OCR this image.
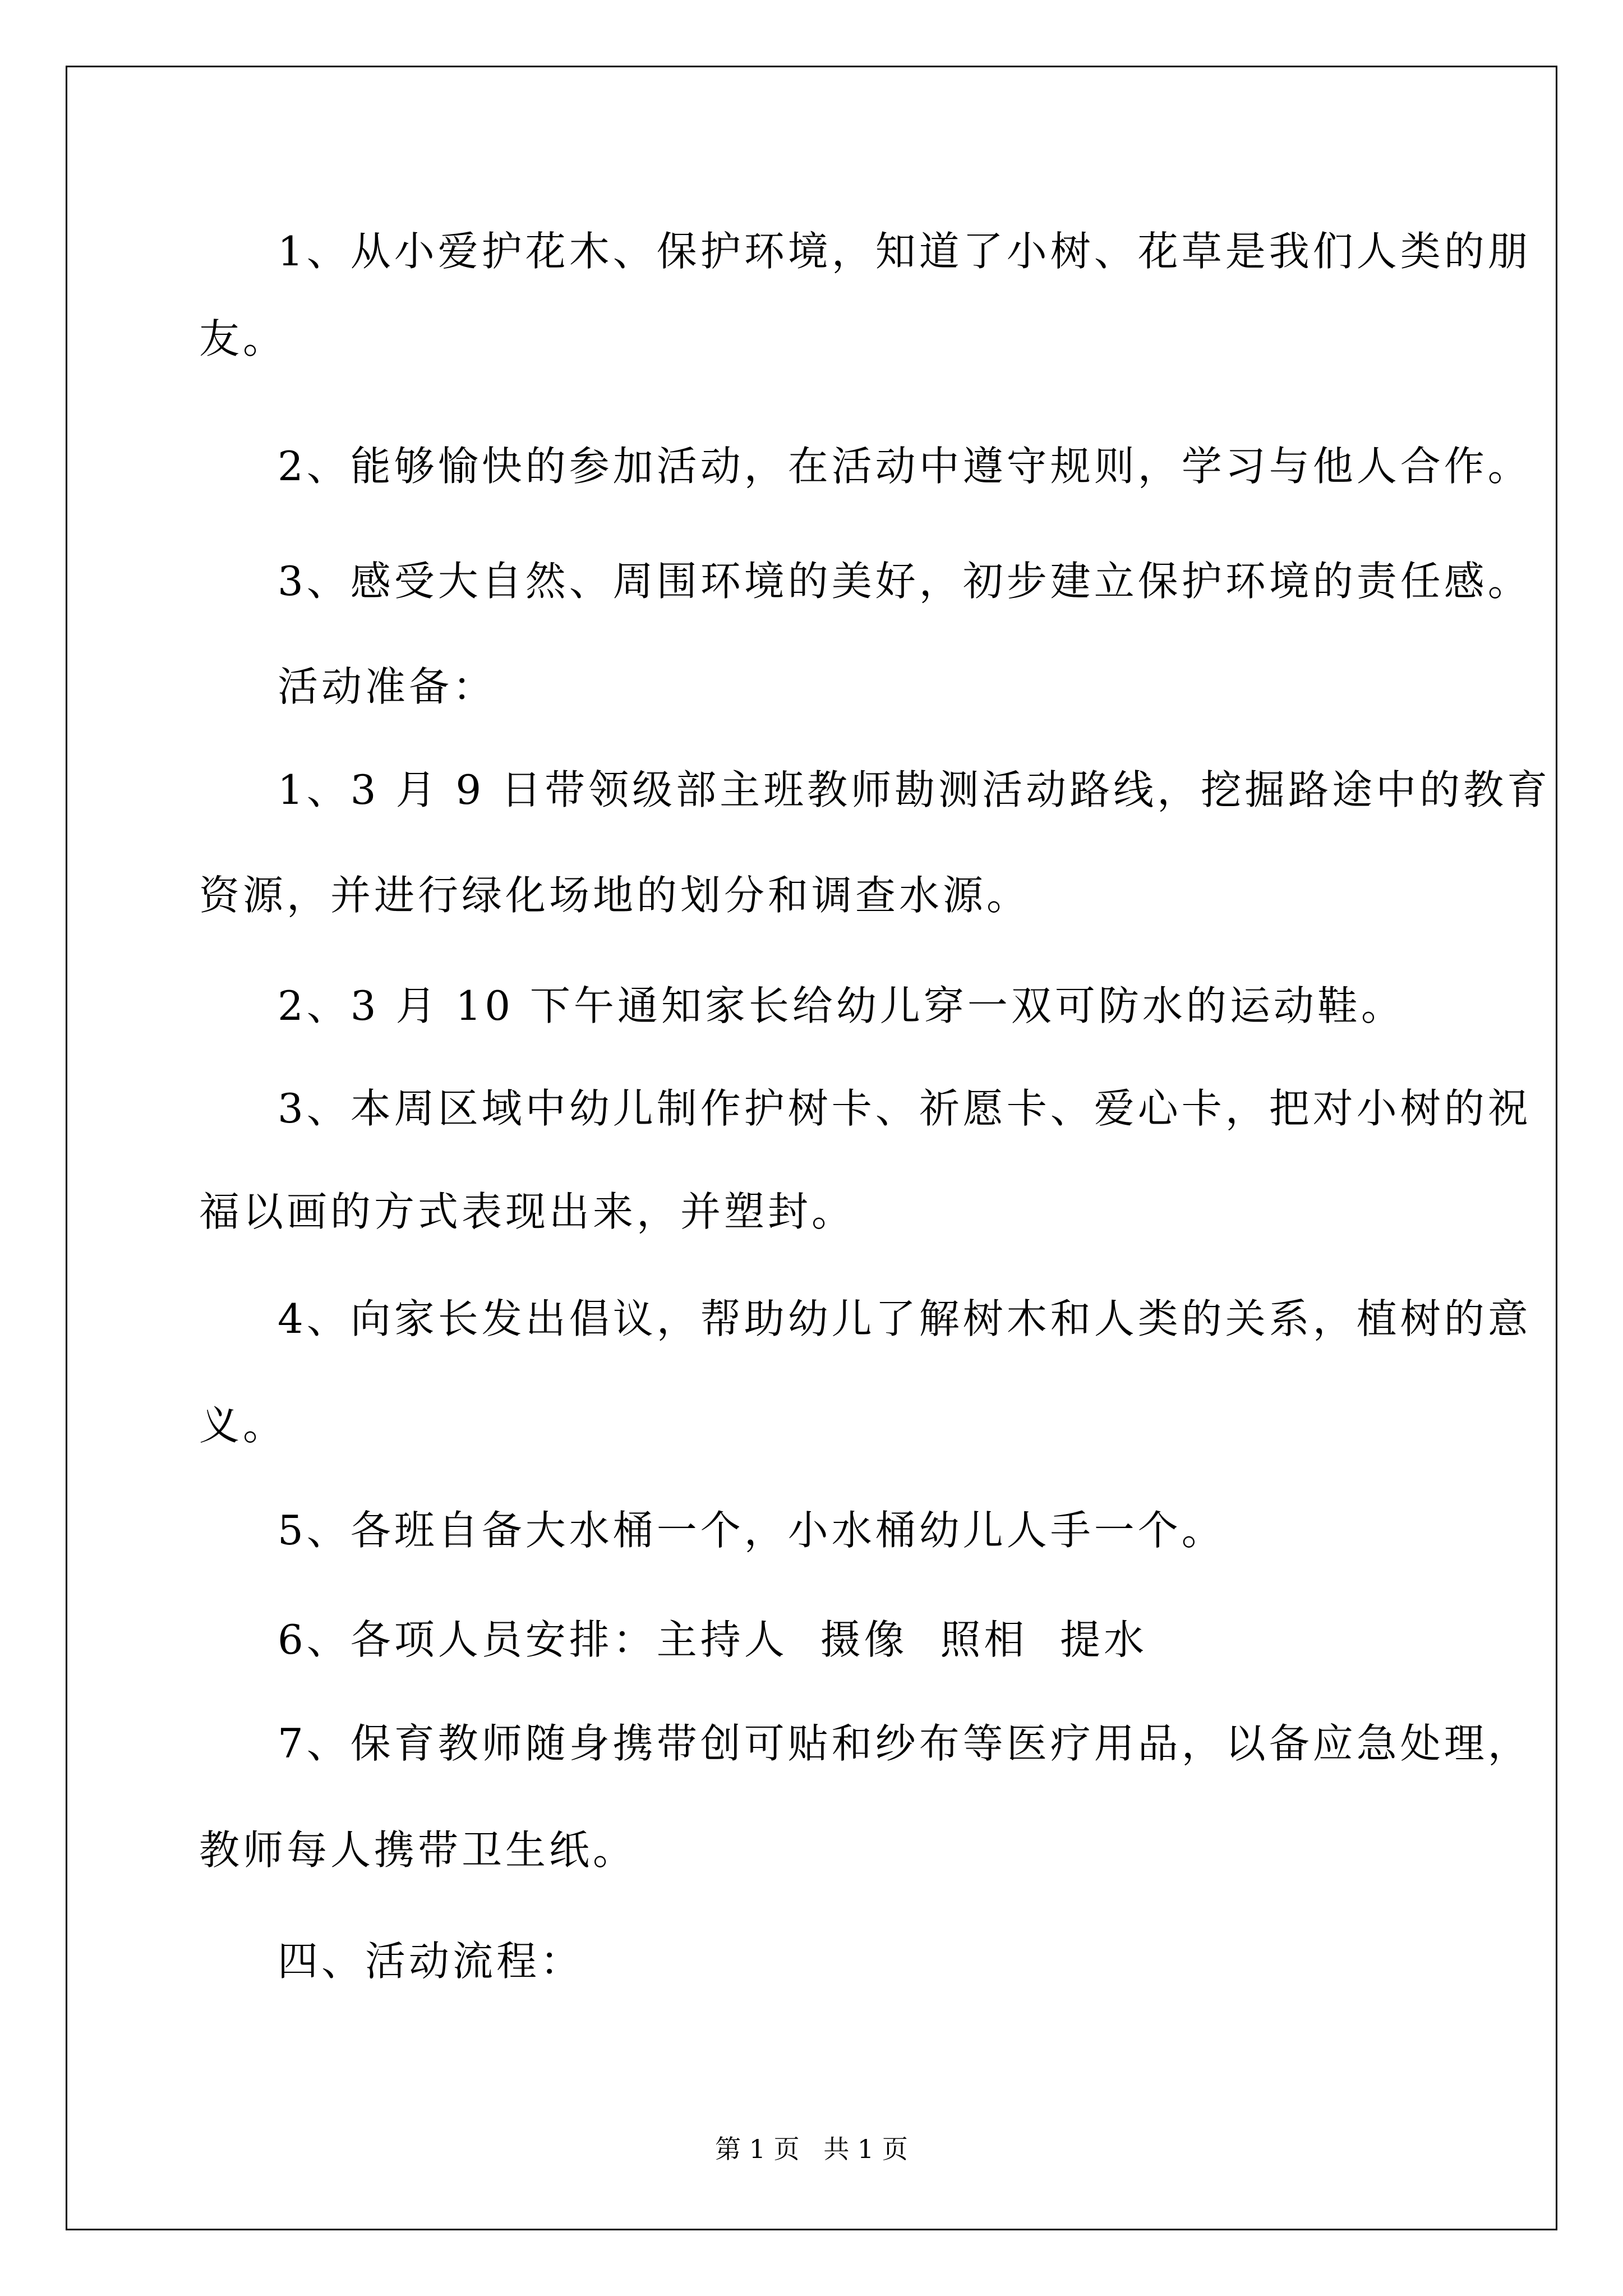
1、从小爱护花木、保护环境，知道了小树、花草是我们人类的朋
友。
2、能够愉快的参加活动，在活动中遵守规则，学习与他人合作。
3、感受大自然、周围环境的美好，初步建立保护环境的责任感。
活动准备：
1、3 月 9 日带领级部主班教师勘测活动路线，挖掘路途中的教育
资源，并进行绿化场地的划分和调查水源。
2、3 月 10 下午通知家长给幼儿穿一双可防水的运动鞋。
3、本周区域中幼儿制作护树卡、祈愿卡、爱心卡，把对小树的祝
福以画的方式表现出来，并塑封。
4、向家长发出倡议，帮助幼儿了解树木和人类的关系，植树的意
义。
5、各班自备大水桶一个，小水桶幼儿人手一个。
6、各项人员安排：主持人  摄像  照相  提水
7、保育教师随身携带创可贴和纱布等医疗用品，以备应急处理，
教师每人携带卫生纸。
四、活动流程：
第 1 页 共 1 页
